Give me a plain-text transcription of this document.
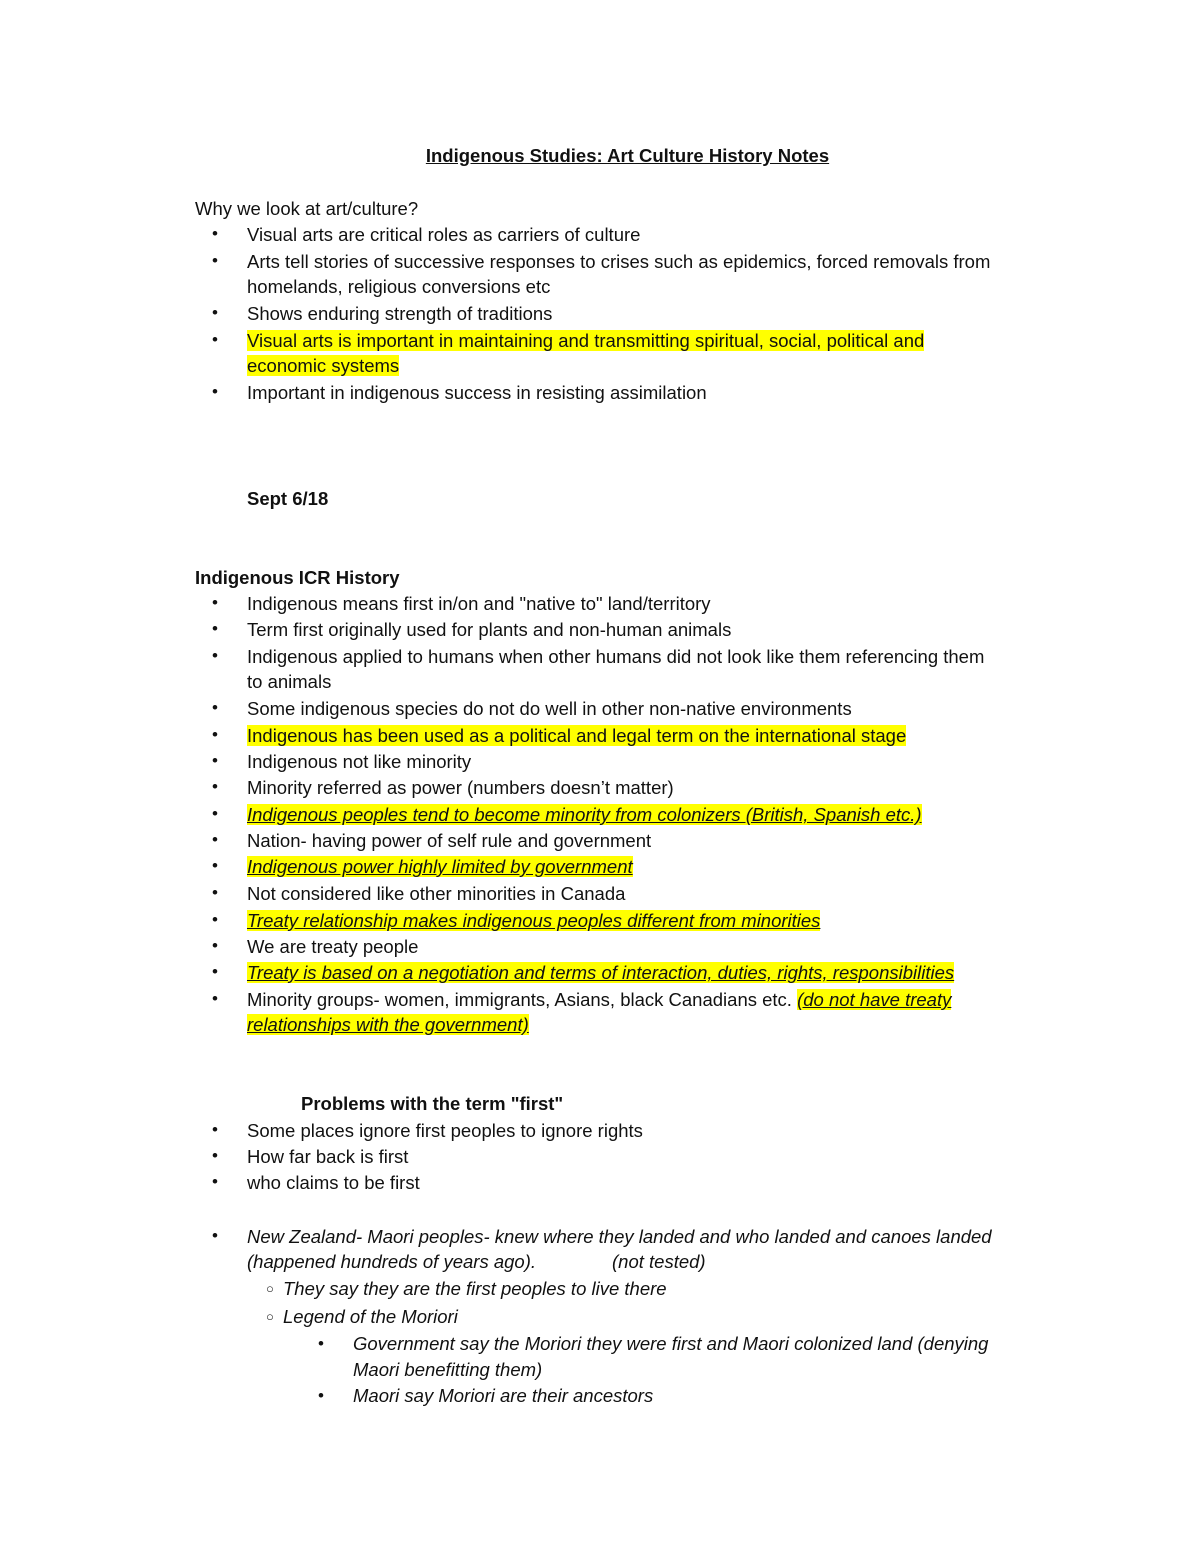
Indigenous Studies: Art Culture History Notes
Why we look at art/culture?
• Visual arts are critical roles as carriers of culture
• Arts tell stories of successive responses to crises such as epidemics, forced removals from
homelands, religious conversions etc
• Shows enduring strength of traditions
• Visual arts is important in maintaining and transmitting spiritual, social, political and
economic systems
• Important in indigenous success in resisting assimilation
Sept 6/18
Indigenous ICR History
• Indigenous means first in/on and "native to" land/territory
• Term first originally used for plants and non-human animals
• Indigenous applied to humans when other humans did not look like them referencing them
to animals
• Some indigenous species do not do well in other non-native environments
• Indigenous has been used as a political and legal term on the international stage
• Indigenous not like minority
• Minority referred as power (numbers doesn’t matter)
• Indigenous peoples tend to become minority from colonizers (British, Spanish etc.)
• Nation- having power of self rule and government
• Indigenous power highly limited by government
• Not considered like other minorities in Canada
• Treaty relationship makes indigenous peoples different from minorities
• We are treaty people
• Treaty is based on a negotiation and terms of interaction, duties, rights, responsibilities
• Minority groups- women, immigrants, Asians, black Canadians etc. (do not have treaty
relationships with the government)
Problems with the term "first"
• Some places ignore first peoples to ignore rights
• How far back is first
• who claims to be first
• New Zealand- Maori peoples- knew where they landed and who landed and canoes landed
(happened hundreds of years ago).	(not tested)
○ They say they are the first peoples to live there
○ Legend of the Moriori
• Government say the Moriori they were first and Maori colonized land (denying
Maori benefitting them)
• Maori say Moriori are their ancestors
